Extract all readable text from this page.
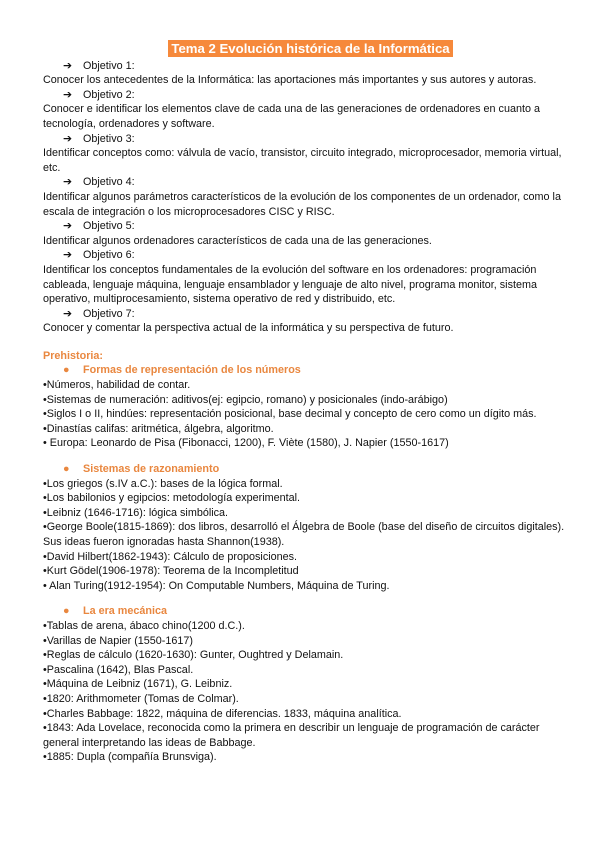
Tema 2 Evolución histórica de la Informática
➔ Objetivo 1:

Conocer los antecedentes de la Informática: las aportaciones más importantes y sus autores y autoras.

➔ Objetivo 2:

Conocer e identificar los elementos clave de cada una de las generaciones de ordenadores en cuanto a tecnología, ordenadores y software.

➔ Objetivo 3:

Identificar conceptos como: válvula de vacío, transistor, circuito integrado, microprocesador, memoria virtual, etc.

➔ Objetivo 4:

Identificar algunos parámetros característicos de la evolución de los componentes de un ordenador, como la escala de integración o los microprocesadores CISC y RISC.

➔ Objetivo 5:

Identificar algunos ordenadores característicos de cada una de las generaciones.

➔ Objetivo 6:

Identificar los conceptos fundamentales de la evolución del software en los ordenadores: programación cableada, lenguaje máquina, lenguaje ensamblador y lenguaje de alto nivel, programa monitor, sistema operativo, multiprocesamiento, sistema operativo de red y distribuido, etc.

➔ Objetivo 7:

Conocer y comentar la perspectiva actual de la informática y su perspectiva de futuro.

Prehistoria:
● Formas de representación de los números

•Números, habilidad de contar.

•Sistemas de numeración: aditivos(ej: egipcio, romano) y posicionales (indo-arábigo)

•Siglos I o II, hindúes: representación posicional, base decimal y concepto de cero como un dígito más.

•Dinastías califas: aritmética, álgebra, algoritmo.

• Europa: Leonardo de Pisa (Fibonacci, 1200), F. Viète (1580), J. Napier (1550-1617)

● Sistemas de razonamiento

•Los griegos (s.IV a.C.): bases de la lógica formal.

•Los babilonios y egipcios: metodología experimental.

•Leibniz (1646-1716): lógica simbólica.

•George Boole(1815-1869): dos libros, desarrolló el Álgebra de Boole (base del diseño de circuitos digitales). Sus ideas fueron ignoradas hasta Shannon(1938).

•David Hilbert(1862-1943): Cálculo de proposiciones.

•Kurt Gödel(1906-1978): Teorema de la Incompletitud

• Alan Turing(1912-1954): On Computable Numbers, Máquina de Turing.

● La era mecánica

•Tablas de arena, ábaco chino(1200 d.C.).

•Varillas de Napier (1550-1617)

•Reglas de cálculo (1620-1630): Gunter, Oughtred y Delamain.

•Pascalina (1642), Blas Pascal.

•Máquina de Leibniz (1671), G. Leibniz.

•1820: Arithmometer (Tomas de Colmar).

•Charles Babbage: 1822, máquina de diferencias. 1833, máquina analítica.

•1843: Ada Lovelace, reconocida como la primera en describir un lenguaje de programación de carácter general interpretando las ideas de Babbage.

•1885: Dupla (compañía Brunsviga).
